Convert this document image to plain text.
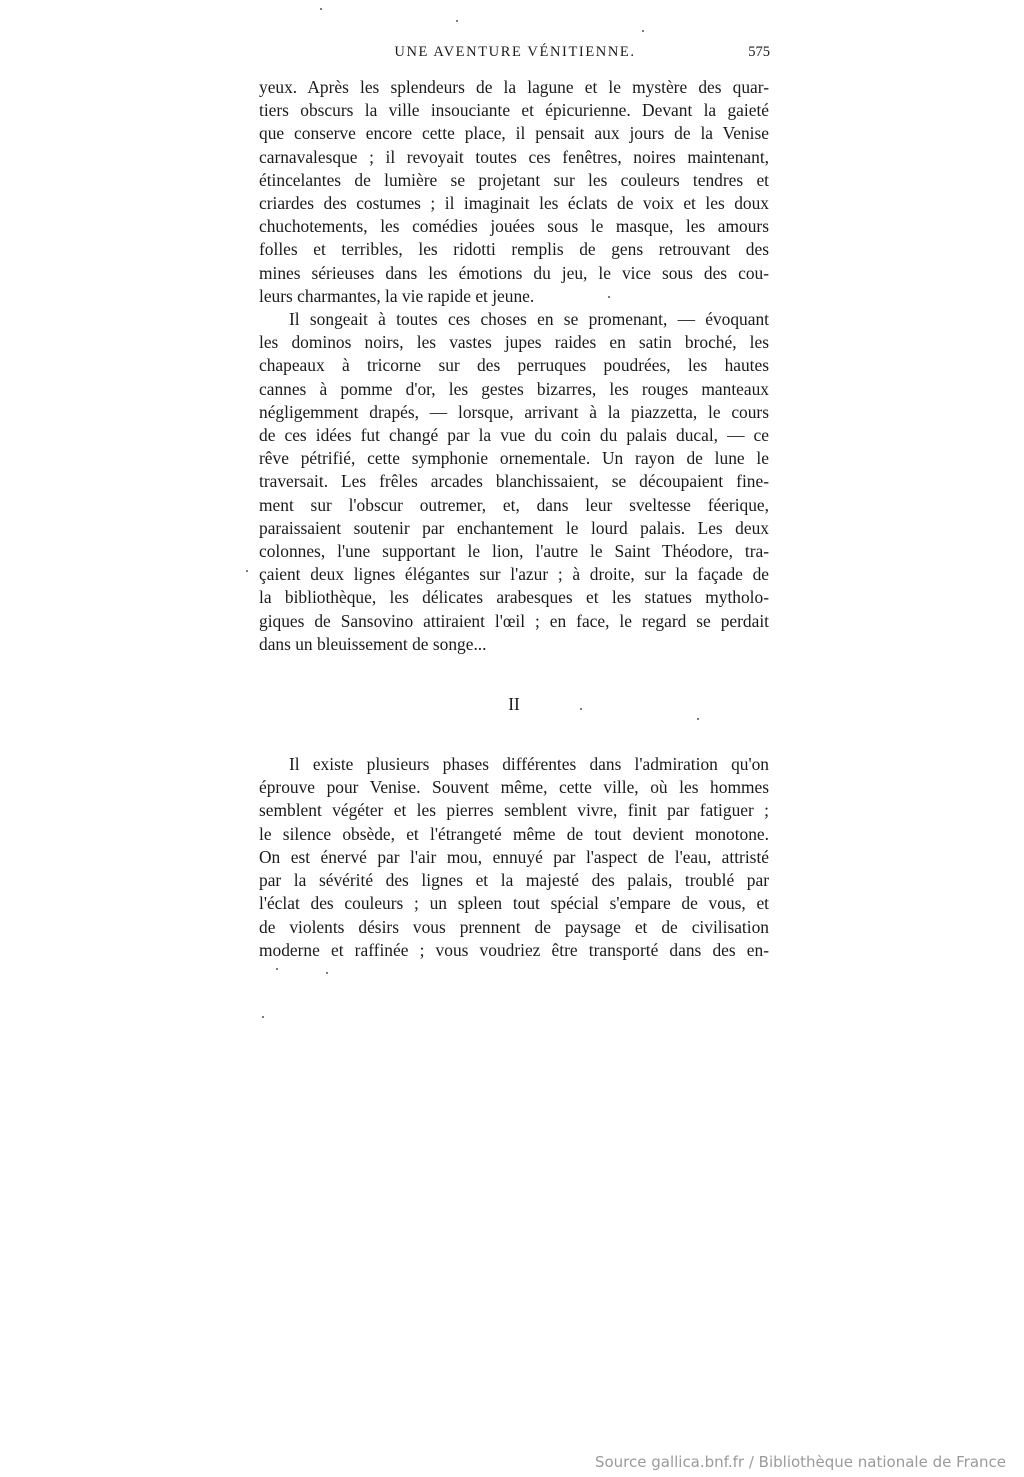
UNE AVENTURE VÉNITIENNE.	575

yeux. Après les splendeurs de la lagune et le mystère des quar-
tiers obscurs la ville insouciante et épicurienne. Devant la gaieté
que conserve encore cette place, il pensait aux jours de la Venise
carnavalesque ; il revoyait toutes ces fenêtres, noires maintenant,
étincelantes de lumière se projetant sur les couleurs tendres et
criardes des costumes ; il imaginait les éclats de voix et les doux
chuchotements, les comédies jouées sous le masque, les amours
folles et terribles, les ridotti remplis de gens retrouvant des
mines sérieuses dans les émotions du jeu, le vice sous des cou-
leurs charmantes, la vie rapide et jeune.

Il songeait à toutes ces choses en se promenant, — évoquant
les dominos noirs, les vastes jupes raides en satin broché, les
chapeaux à tricorne sur des perruques poudrées, les hautes
cannes à pomme d'or, les gestes bizarres, les rouges manteaux
négligemment drapés, — lorsque, arrivant à la piazzetta, le cours
de ces idées fut changé par la vue du coin du palais ducal, — ce
rêve pétrifié, cette symphonie ornementale. Un rayon de lune le
traversait. Les frêles arcades blanchissaient, se découpaient fine-
ment sur l'obscur outremer, et, dans leur sveltesse féerique,
paraissaient soutenir par enchantement le lourd palais. Les deux
colonnes, l'une supportant le lion, l'autre le Saint Théodore, tra-
çaient deux lignes élégantes sur l'azur ; à droite, sur la façade de
la bibliothèque, les délicates arabesques et les statues mytholo-
giques de Sansovino attiraient l'œil ; en face, le regard se perdait
dans un bleuissement de songe...

II

Il existe plusieurs phases différentes dans l'admiration qu'on
éprouve pour Venise. Souvent même, cette ville, où les hommes
semblent végéter et les pierres semblent vivre, finit par fatiguer ;
le silence obsède, et l'étrangeté même de tout devient monotone.
On est énervé par l'air mou, ennuyé par l'aspect de l'eau, attristé
par la sévérité des lignes et la majesté des palais, troublé par
l'éclat des couleurs ; un spleen tout spécial s'empare de vous, et
de violents désirs vous prennent de paysage et de civilisation
moderne et raffinée ; vous voudriez être transporté dans des en-

Source gallica.bnf.fr / Bibliothèque nationale de France
